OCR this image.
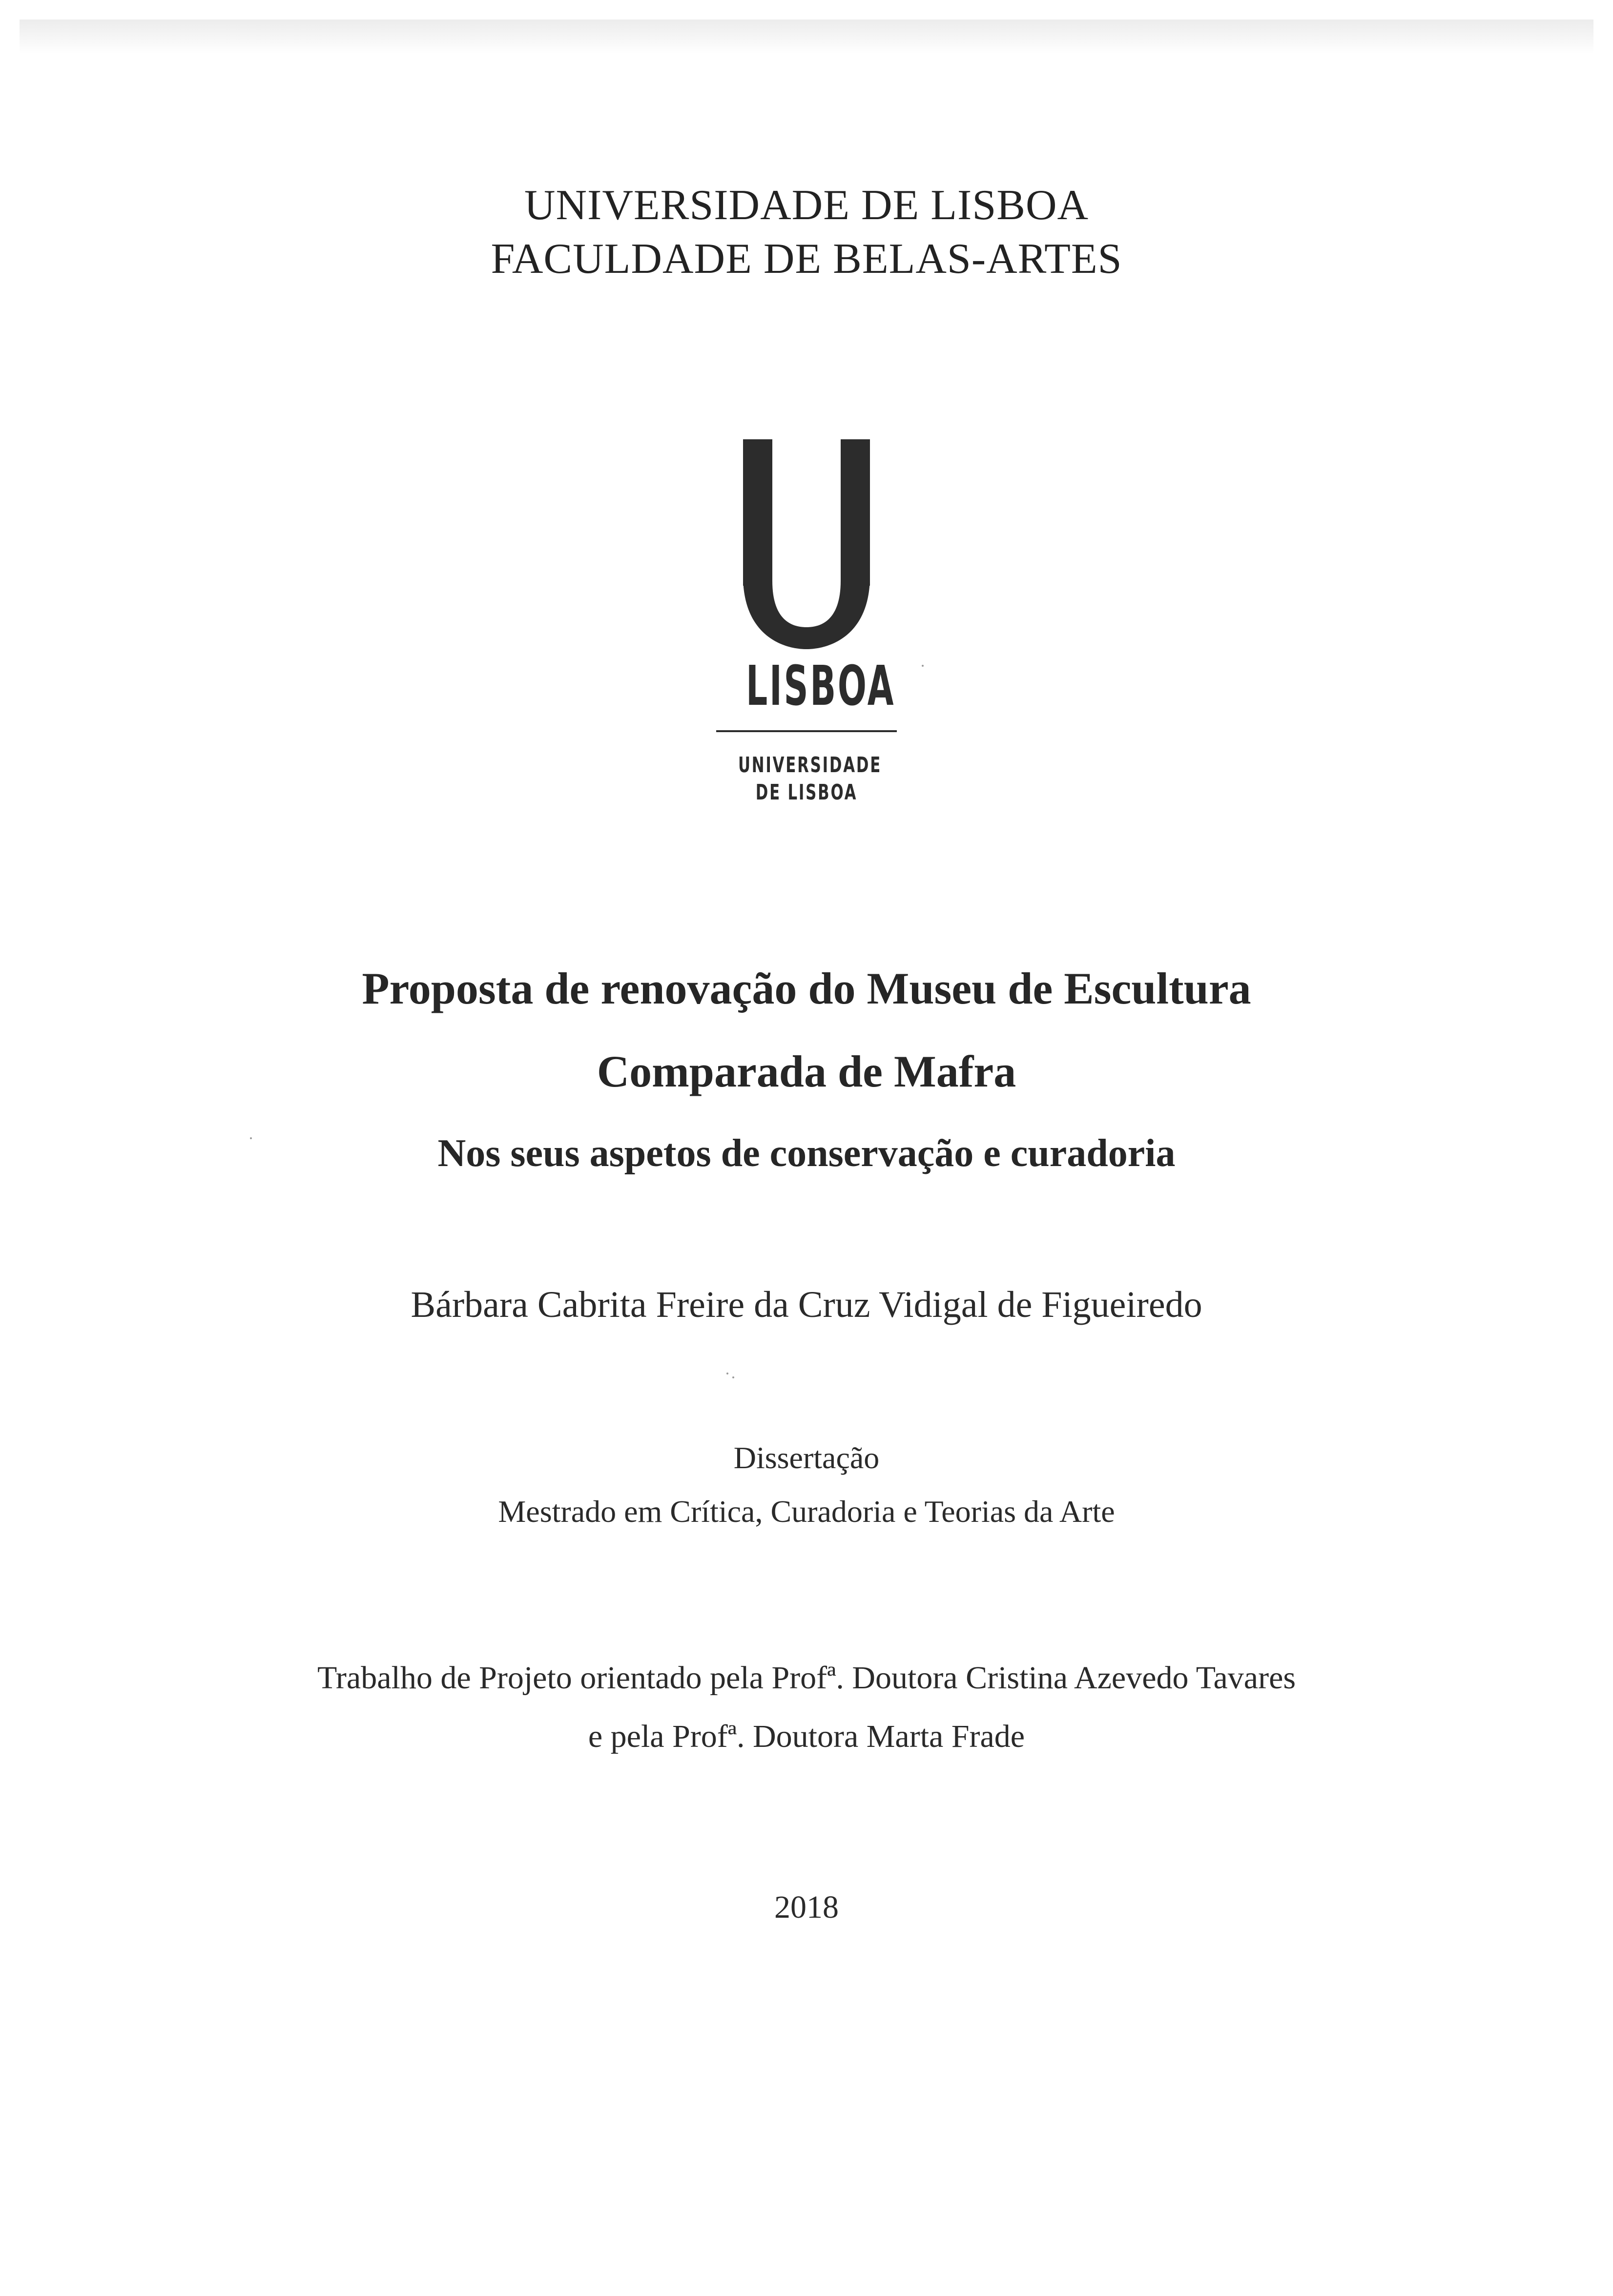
UNIVERSIDADE DE LISBOA
FACULDADE DE BELAS-ARTES
LISBOA
UNIVERSIDADE
DE LISBOA
Proposta de renovação do Museu de Escultura
Comparada de Mafra
Nos seus aspetos de conservação e curadoria
Bárbara Cabrita Freire da Cruz Vidigal de Figueiredo
Dissertação
Mestrado em Crítica, Curadoria e Teorias da Arte
Trabalho de Projeto orientado pela Profª. Doutora Cristina Azevedo Tavares
e pela Profª. Doutora Marta Frade
2018
